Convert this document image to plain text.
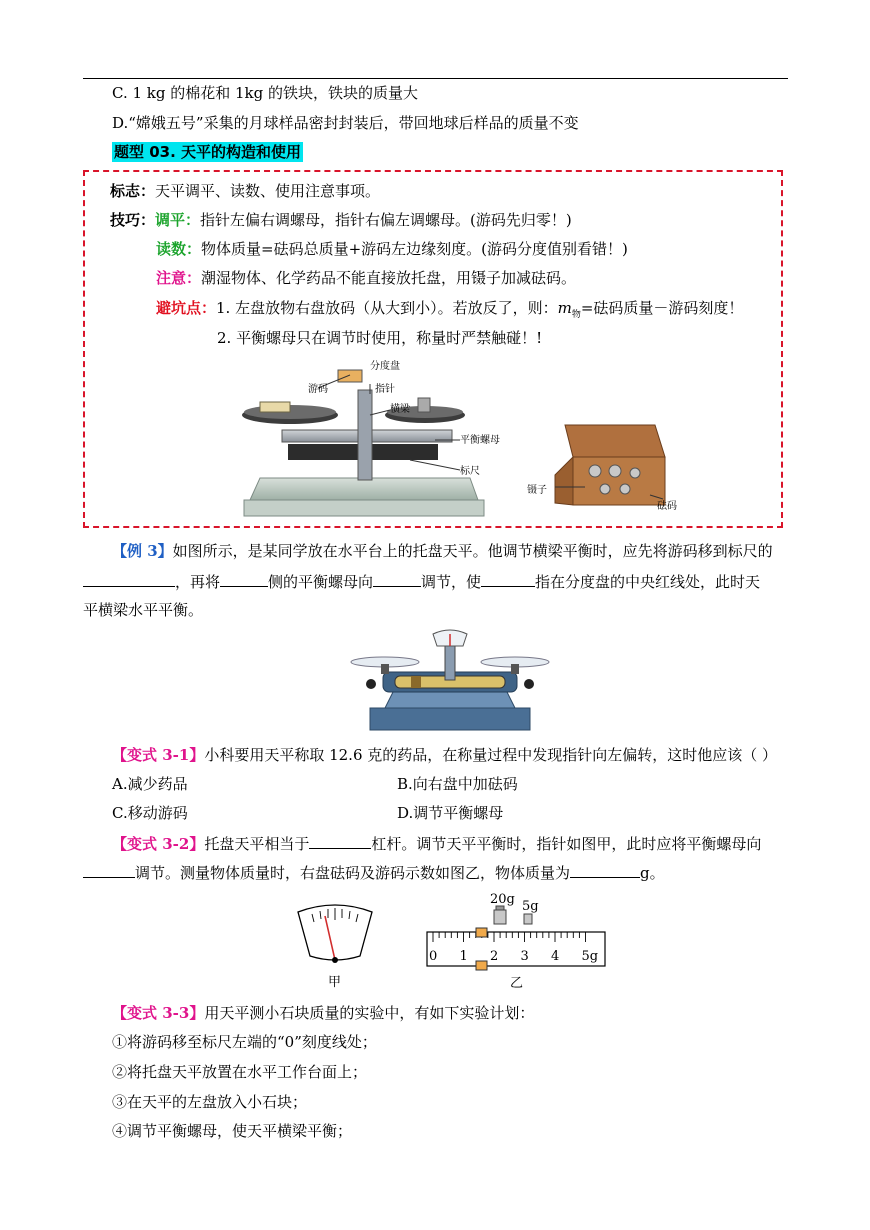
C. 1 kg 的棉花和 1kg 的铁块，铁块的质量大
D.“嫦娥五号”采集的月球样品密封封装后，带回地球后样品的质量不变
题型 03. 天平的构造和使用
标志：天平调平、读数、使用注意事项。
技巧：调平：指针左偏右调螺母，指针右偏左调螺母。(游码先归零！)
读数：物体质量=砝码总质量+游码左边缘刻度。(游码分度值别看错！)
注意：潮湿物体、化学药品不能直接放托盘，用镊子加减砝码。
避坑点：1. 左盘放物右盘放码（从大到小）。若放反了，则：$m_物=$砝码质量－游码刻度！
2. 平衡螺母只在调节时使用，称量时严禁触碰！!
分度盘
游码	指针
横梁
平衡螺母
标尺
镊子
砝码
【例 3】如图所示，是某同学放在水平台上的托盘天平。他调节横梁平衡时，应先将游码移到标尺的
，再将	侧的平衡螺母向	调节，使	指在分度盘的中央红线处，此时天
平横梁水平平衡。
【变式 3-1】小科要用天平称取 12.6 克的药品，在称量过程中发现指针向左偏转，这时他应该（ ）
A.减少药品	B.向右盘中加砝码
C.移动游码	D.调节平衡螺母
【变式 3-2】托盘天平相当于	杠杆。调节天平平衡时，指针如图甲，此时应将平衡螺母向
调节。测量物体质量时，右盘砝码及游码示数如图乙，物体质量为	g。
甲
0 1 2 3 4 5g
20g 5g
乙
【变式 3-3】用天平测小石块质量的实验中，有如下实验计划：
①将游码移至标尺左端的“0”刻度线处；
②将托盘天平放置在水平工作台面上；
③在天平的左盘放入小石块；
④调节平衡螺母，使天平横梁平衡；
